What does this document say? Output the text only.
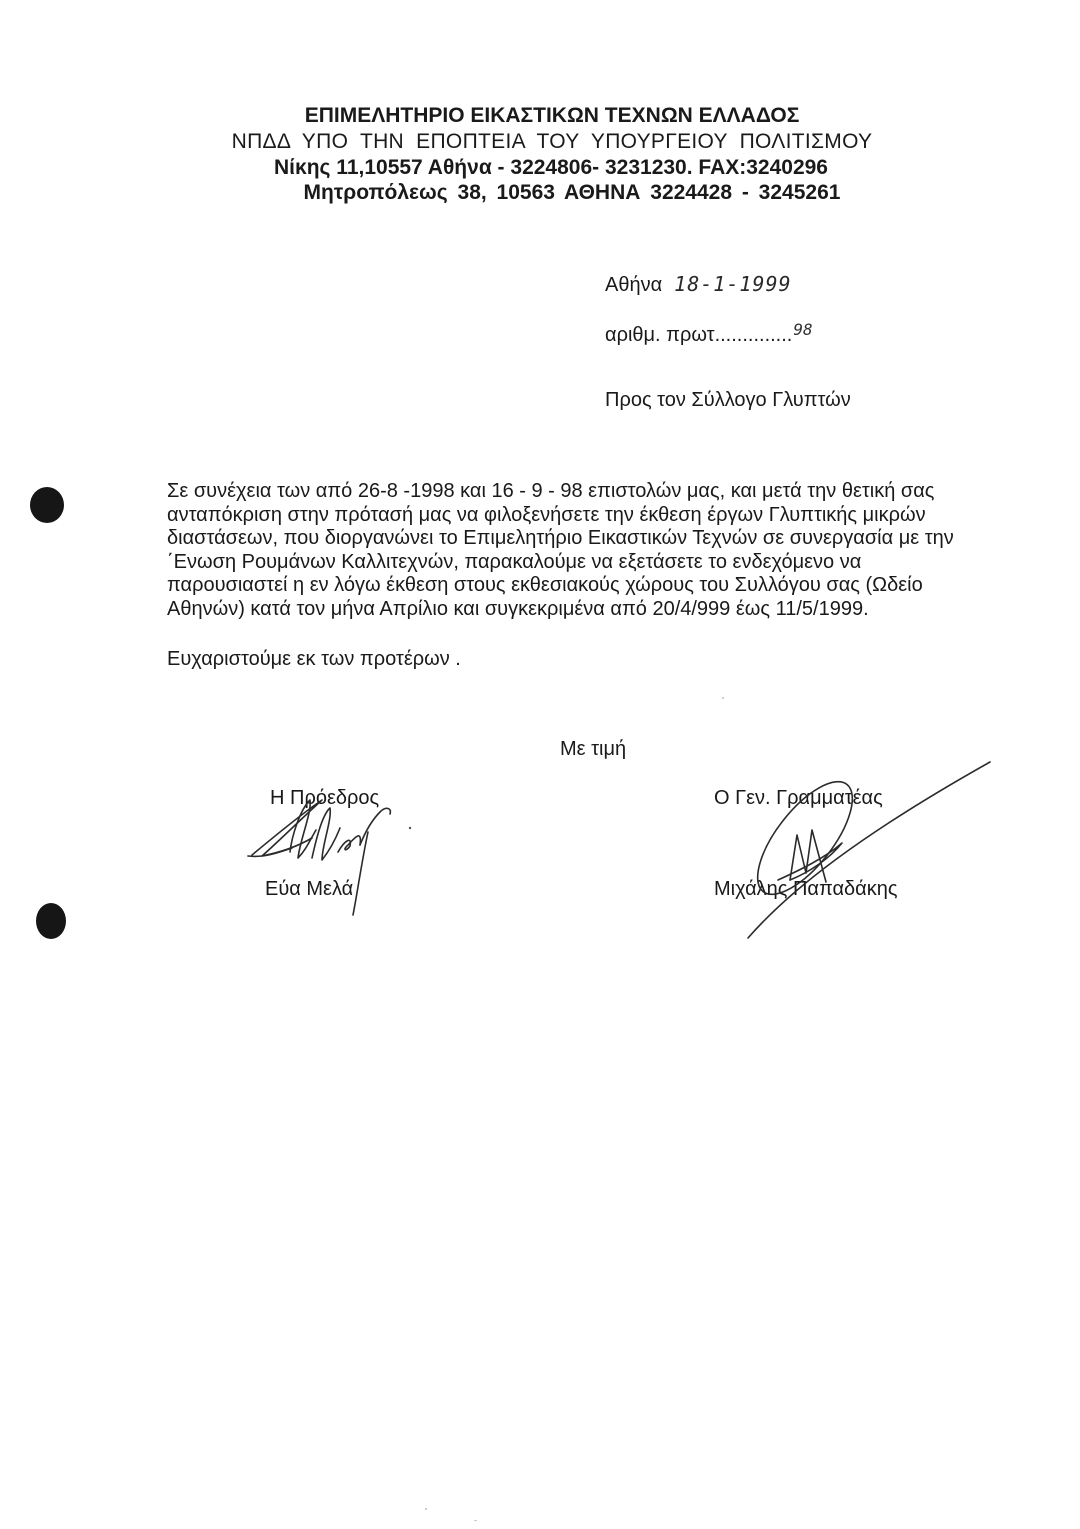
ΕΠΙΜΕΛΗΤΗΡΙΟ ΕΙΚΑΣΤΙΚΩΝ ΤΕΧΝΩΝ ΕΛΛΑΔΟΣ
ΝΠΔΔ ΥΠΟ ΤΗΝ ΕΠΟΠΤΕΙΑ ΤΟΥ ΥΠΟΥΡΓΕΙΟΥ ΠΟΛΙΤΙΣΜΟΥ
Νίκης 11,10557 Αθήνα - 3224806- 3231230. FAX:3240296
Μητροπόλεως 38, 10563 ΑΘΗΝΑ 3224428 - 3245261
Αθήνα 18-1-1999
αριθμ. πρωτ..............98
Προς τον Σύλλογο Γλυπτών

Σε συνέχεια των από 26-8 -1998 και 16 - 9 - 98 επιστολών μας, και μετά την θετική σας

ανταπόκριση στην πρότασή μας να φιλοξενήσετε την έκθεση έργων Γλυπτικής μικρών

διαστάσεων, που διοργανώνει το Επιμελητήριο Εικαστικών Τεχνών σε συνεργασία με την

΄Ενωση Ρουμάνων Καλλιτεχνών, παρακαλούμε να εξετάσετε το ενδεχόμενο να

παρουσιαστεί η εν λόγω έκθεση στους εκθεσιακούς χώρους του Συλλόγου σας (Ωδείο

Αθηνών) κατά τον μήνα Απρίλιο και συγκεκριμένα από 20/4/999 έως 11/5/1999.

Ευχαριστούμε εκ των προτέρων .
Με τιμή
Η Πρόεδρος
Εύα Μελά
Ο Γεν. Γραμματέας
Μιχάλης Παπαδάκης
